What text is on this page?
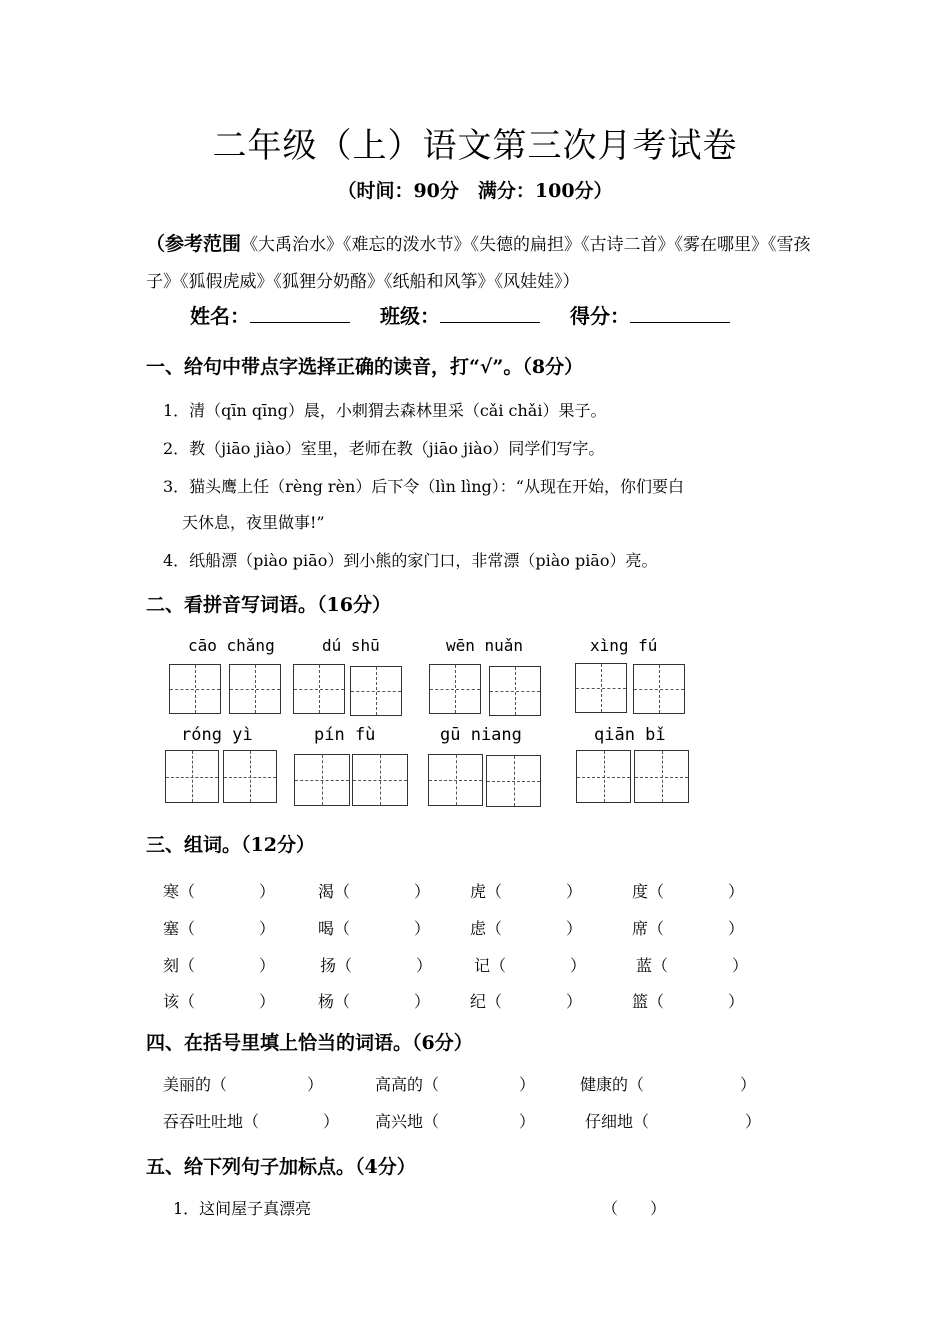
二年级（上）语文第三次月考试卷
（时间：90分　满分：100分）
（参考范围《大禹治水》《难忘的泼水节》《失德的扁担》《古诗二首》《雾在哪里》《雪孩子》《狐假虎威》《狐狸分奶酪》《纸船和风筝》《风娃娃》）
姓名：	班级：	得分：
一、给句中带点字选择正确的读音，打“√”。（8分）
1．清（qīn qīng）晨，小刺猬去森林里采（cǎi chǎi）果子。
2．教（jiāo jiào）室里，老师在教（jiāo jiào）同学们写字。
3．猫头鹰上任（rèng rèn）后下令（lìn lìng）：“从现在开始，你们要白
天休息，夜里做事!”
4．纸船漂（piào piāo）到小熊的家门口，非常漂（piào piāo）亮。
二、看拼音写词语。（16分）
cāo chǎng	dú shū	wēn nuǎn	xìng fú
róng yì	pín fù	gū niang	qiān bǐ
三、组词。（12分）
寒（　　　　）	渴（　　　　） 虎（　　　　）	度（　　　　）
塞（　　　　）	喝（　　　　） 虑（　　　　）	席（　　　　）
刻（　　　　）	扬（　　　　）	记（　　　　）	蓝（　　　　）
该（　　　　）	杨（　　　　） 纪（　　　　）	篮（　　　　）
四、在括号里填上恰当的词语。（6分）
美丽的（　　　　　）	高高的（　　　　　）	健康的（　　　　　　）
吞吞吐吐地（　　　　） 高兴地（　　　　　）	仔细地（　　　　　　）
五、给下列句子加标点。（4分）
1．这间屋子真漂亮	（　　）
